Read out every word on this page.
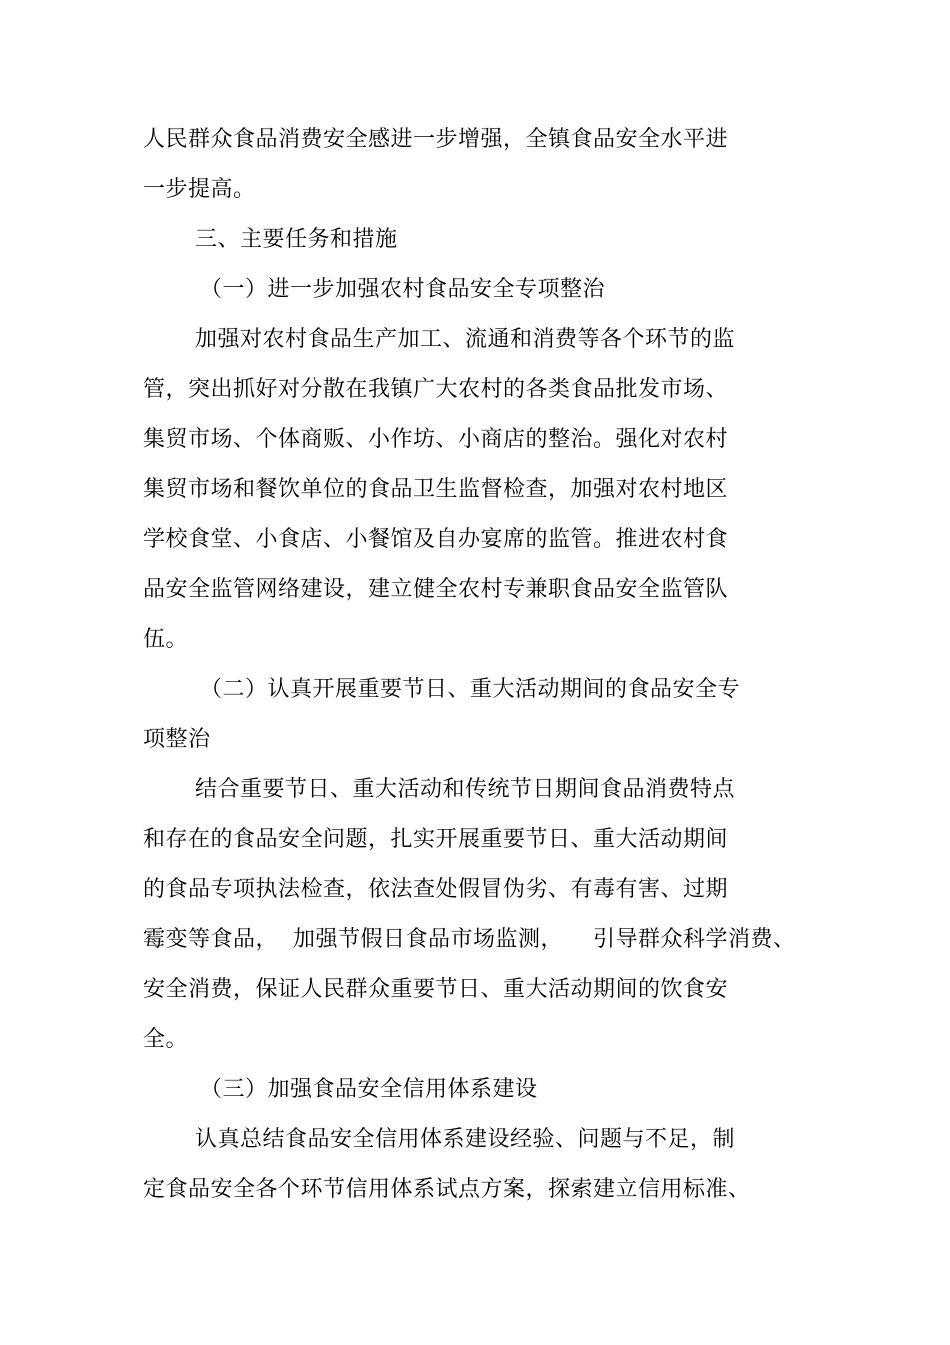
人民群众食品消费安全感进一步增强，全镇食品安全水平进
一步提高。
三、主要任务和措施
（一）进一步加强农村食品安全专项整治
加强对农村食品生产加工、流通和消费等各个环节的监
管，突出抓好对分散在我镇广大农村的各类食品批发市场、
集贸市场、个体商贩、小作坊、小商店的整治。强化对农村
集贸市场和餐饮单位的食品卫生监督检查，加强对农村地区
学校食堂、小食店、小餐馆及自办宴席的监管。推进农村食
品安全监管网络建设，建立健全农村专兼职食品安全监管队
伍。
（二）认真开展重要节日、重大活动期间的食品安全专
项整治
结合重要节日、重大活动和传统节日期间食品消费特点
和存在的食品安全问题，扎实开展重要节日、重大活动期间
的食品专项执法检查，依法查处假冒伪劣、有毒有害、过期
霉变等食品，  加强节假日食品市场监测，    引导群众科学消费、
安全消费，保证人民群众重要节日、重大活动期间的饮食安
全。
（三）加强食品安全信用体系建设
认真总结食品安全信用体系建设经验、问题与不足，制
定食品安全各个环节信用体系试点方案，探索建立信用标准、
